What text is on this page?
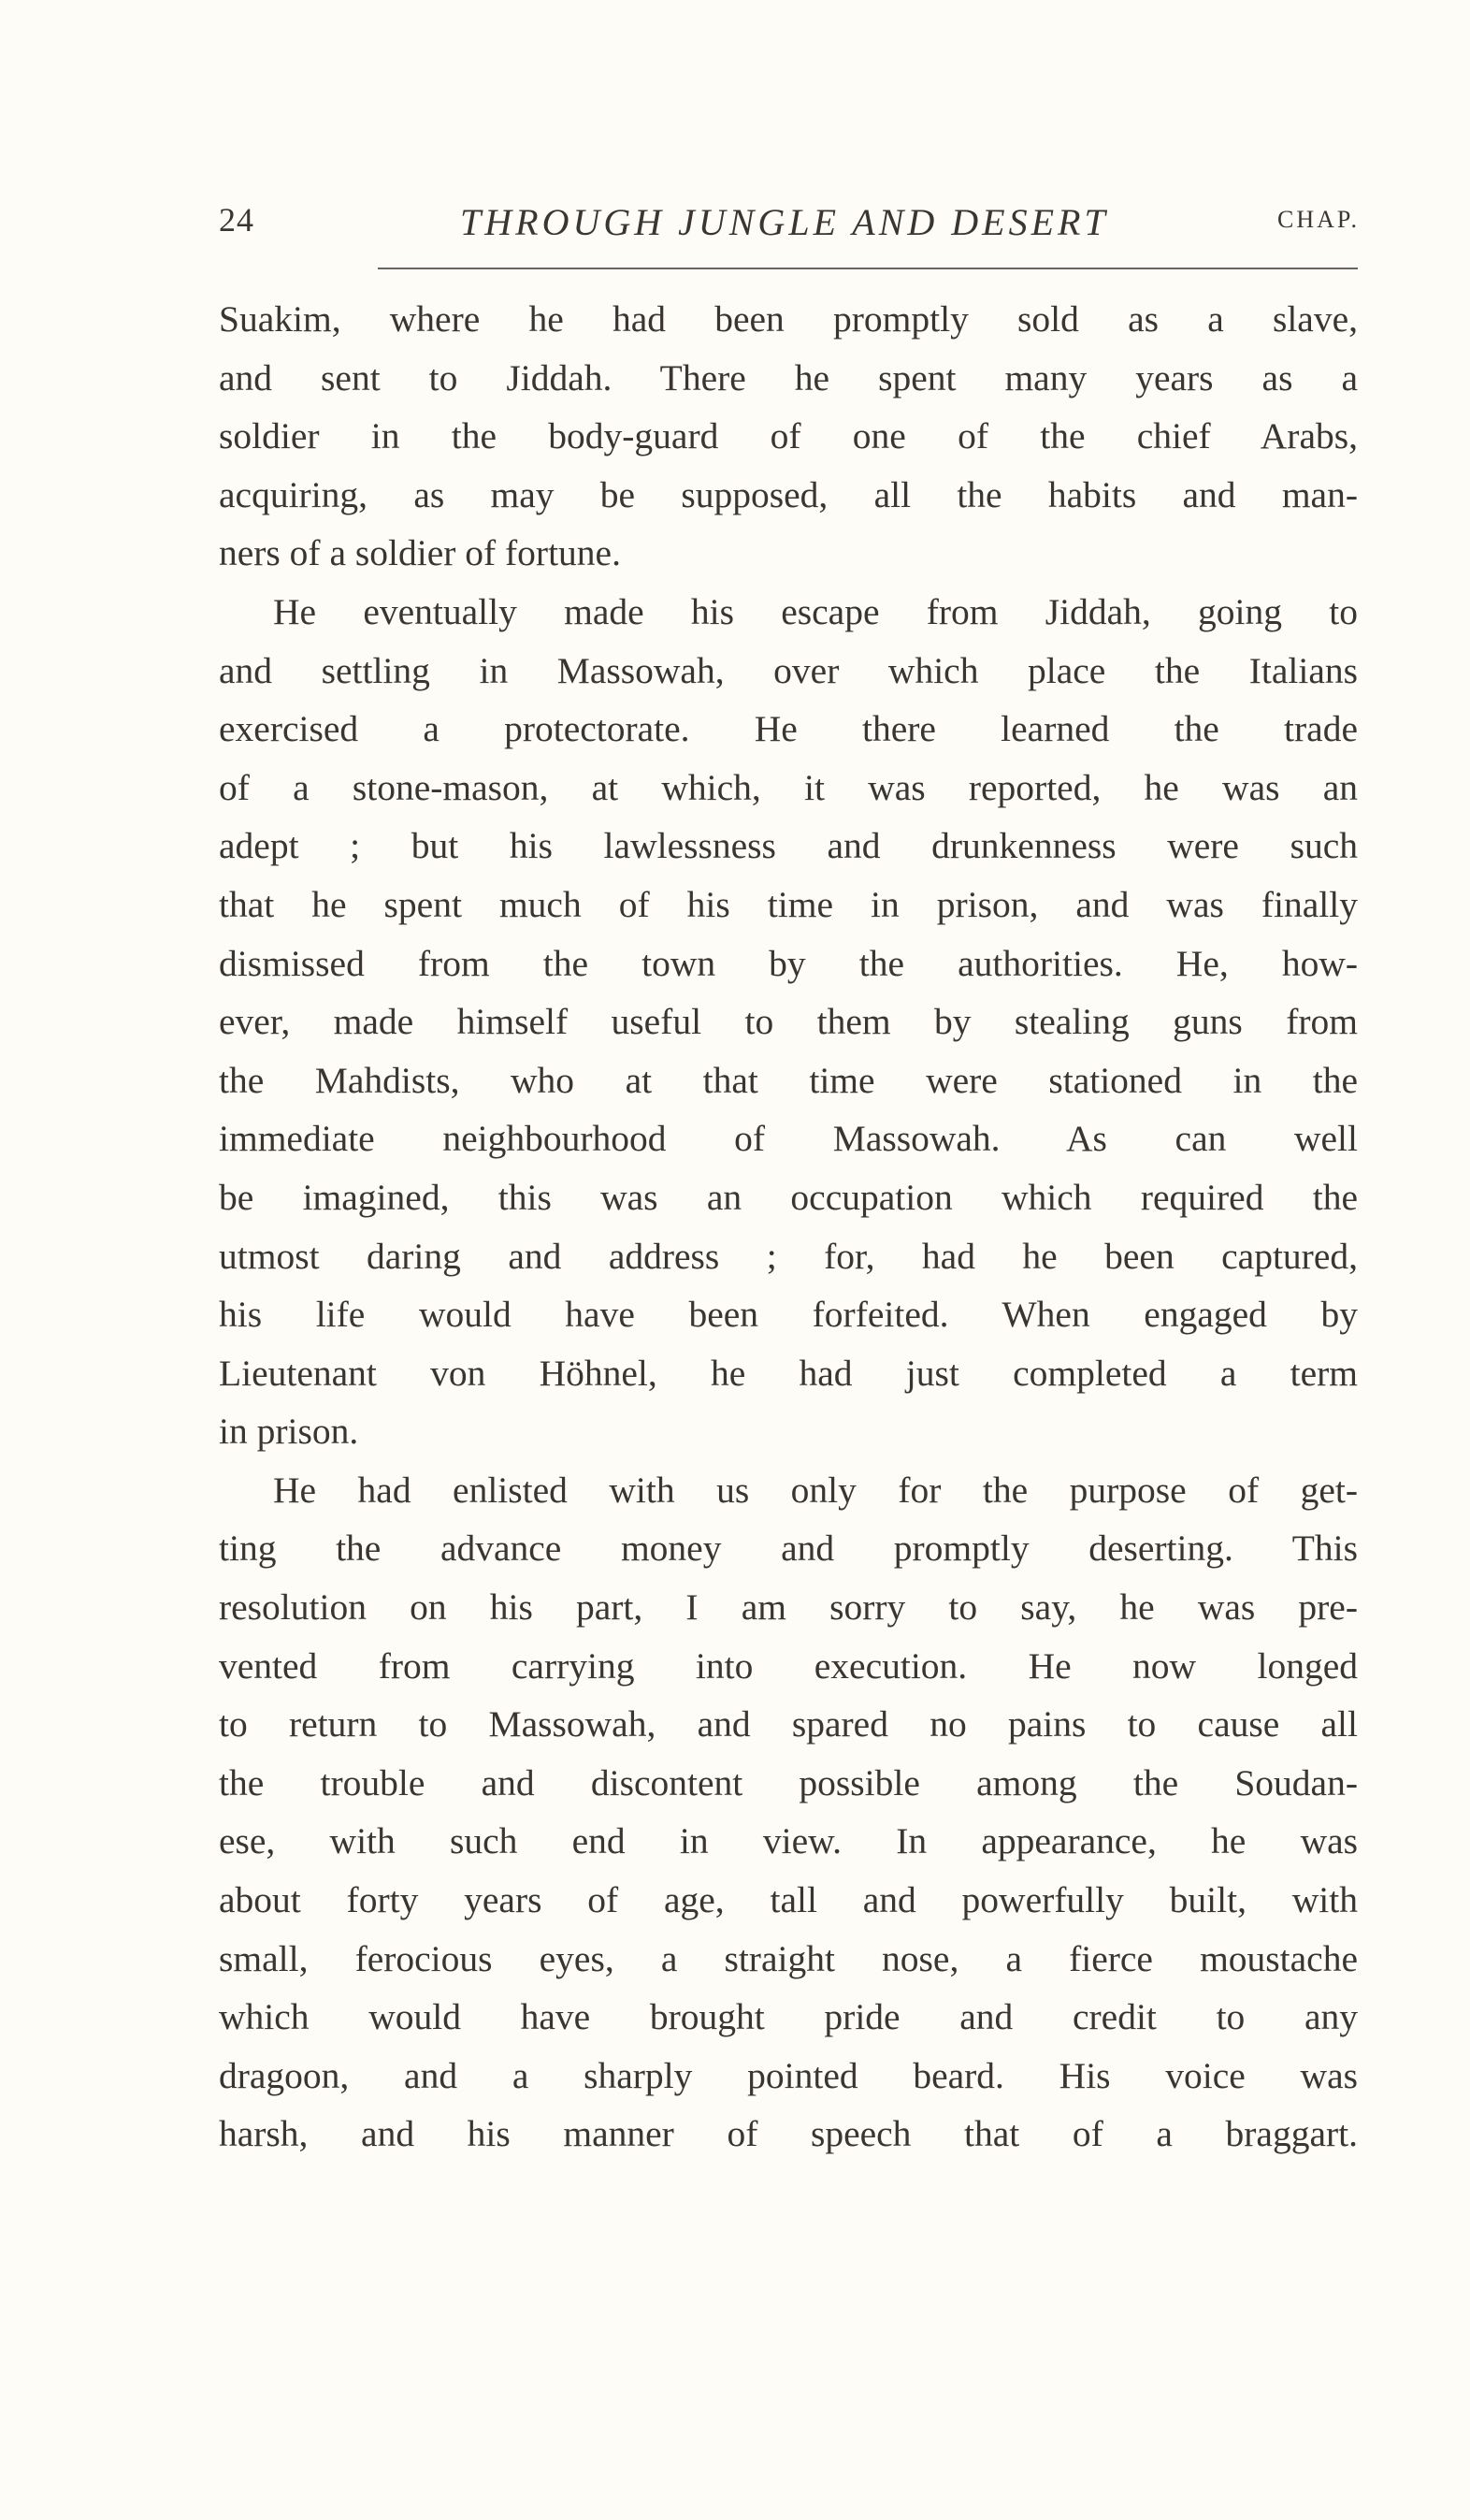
24	THROUGH JUNGLE AND DESERT	CHAP.
Suakim, where he had been promptly sold as a slave,
and sent to Jiddah. There he spent many years as a
soldier in the body-guard of one of the chief Arabs,
acquiring, as may be supposed, all the habits and man-
ners of a soldier of fortune.
He eventually made his escape from Jiddah, going to
and settling in Massowah, over which place the Italians
exercised a protectorate. He there learned the trade
of a stone-mason, at which, it was reported, he was an
adept ; but his lawlessness and drunkenness were such
that he spent much of his time in prison, and was finally
dismissed from the town by the authorities. He, how-
ever, made himself useful to them by stealing guns from
the Mahdists, who at that time were stationed in the
immediate neighbourhood of Massowah. As can well
be imagined, this was an occupation which required the
utmost daring and address ; for, had he been captured,
his life would have been forfeited. When engaged by
Lieutenant von Höhnel, he had just completed a term
in prison.
He had enlisted with us only for the purpose of get-
ting the advance money and promptly deserting. This
resolution on his part, I am sorry to say, he was pre-
vented from carrying into execution. He now longed
to return to Massowah, and spared no pains to cause all
the trouble and discontent possible among the Soudan-
ese, with such end in view. In appearance, he was
about forty years of age, tall and powerfully built, with
small, ferocious eyes, a straight nose, a fierce moustache
which would have brought pride and credit to any
dragoon, and a sharply pointed beard. His voice was
harsh, and his manner of speech that of a braggart.
